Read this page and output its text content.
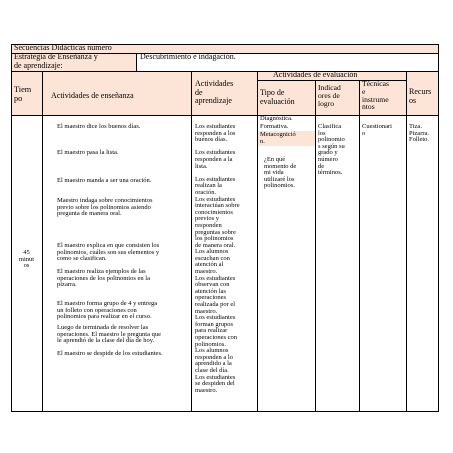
Secuencias Didácticas número
Estrategia de Enseñanza y
de aprendizaje:
Descubrimiento e indagación.
Tiem
po	Actividades de enseñanza
Actividades
de
aprendizaje
Actividades de evaluación
Tipo de
evaluación
Indicad
ores de
logro
Técnicas
e
instrume
ntos
Recurs
os
45
minut
os
El maestro dice los buenos días.
El maestro pasa la lista.
El maestro manda a ser una oración.
Maestro indaga sobre conocimientos
previo sobre los polinomios asiendo
pregunta de manera oral.
El maestro explica en que consisten los
polinomios, cuáles son sus elementos y
como se clasifican.
El maestro realiza ejemplos de las
operaciones de los polinomios en la
pizarra.
El maestro forma grupo de 4 y entrega
un folleto con operaciones con
polinomios para realizar en el curso.
Luego de terminada de resolver las
operaciones. El maestro le pregunta que
le aprendió de la clase del día de hoy.
El maestro se despide de los estudiantes.
Los estudiantes
responden a los
buenos días.

Los estudiantes
responden a la
lista.

Los estudiantes
realizan la
oración.
Los estudiantes
interactúan sobre
conocimientos
previos y
responden
preguntas sobre
los polinomios
de manera oral.
Los alumnos
escuchan con
atención al
maestro.
Los estudiantes
observan con
atención las
operaciones
realizada por el
maestro.
Los estudiantes
forman grupos
para realizar
operaciones con
polinomios.
Los alumnos
responden a lo
aprendido a la
clase del día.
Los estudiantes
se despiden del
maestro.
Diagnóstica.
Formativa.
Metacognició
n.
¿En qué
momento de
mi vida
utilizaré los
polinomios.
Clasifica
los
polinomio
s según su
grado y
número
de
términos.
Cuestionari
o
Tiza.
Pizarra.
Folleto.
